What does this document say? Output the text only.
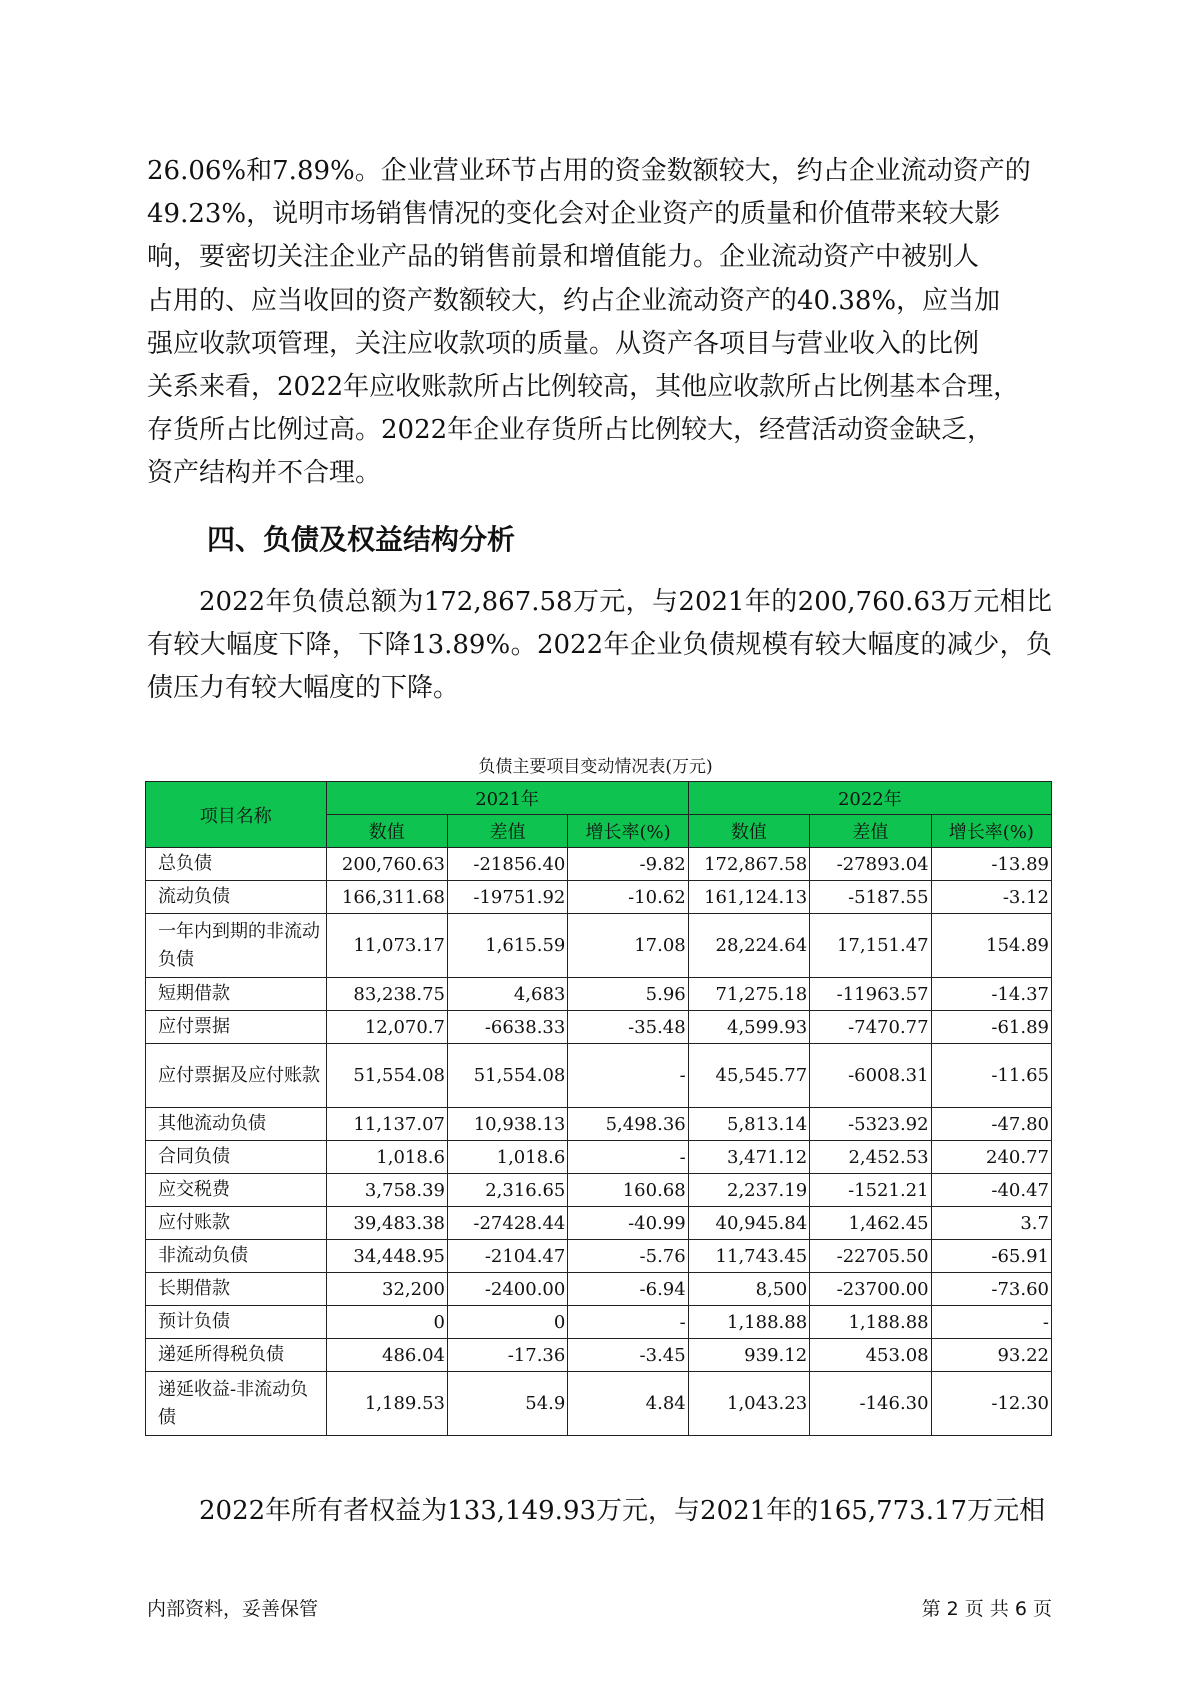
26.06%和7.89%。企业营业环节占用的资金数额较大，约占企业流动资产的

49.23%，说明市场销售情况的变化会对企业资产的质量和价值带来较大影

响，要密切关注企业产品的销售前景和增值能力。企业流动资产中被别人

占用的、应当收回的资产数额较大，约占企业流动资产的40.38%，应当加

强应收款项管理，关注应收款项的质量。从资产各项目与营业收入的比例

关系来看，2022年应收账款所占比例较高，其他应收款所占比例基本合理，

存货所占比例过高。2022年企业存货所占比例较大，经营活动资金缺乏，

资产结构并不合理。

四、负债及权益结构分析

2022年负债总额为172,867.58万元，与2021年的200,760.63万元相比有较大幅度下降，下降13.89%。2022年企业负债规模有较大幅度的减少，负债压力有较大幅度的下降。

负债主要项目变动情况表(万元)

项目名称	2021年			2022年		
	数值	差值	增长率(%)	数值	差值	增长率(%)
总负债	200,760.63	-21856.40	-9.82	172,867.58	-27893.04	-13.89
流动负债	166,311.68	-19751.92	-10.62	161,124.13	-5187.55	-3.12
一年内到期的非流动负债	11,073.17	1,615.59	17.08	28,224.64	17,151.47	154.89
短期借款	83,238.75	4,683	5.96	71,275.18	-11963.57	-14.37
应付票据	12,070.7	-6638.33	-35.48	4,599.93	-7470.77	-61.89
应付票据及应付账款	51,554.08	51,554.08	-	45,545.77	-6008.31	-11.65
其他流动负债	11,137.07	10,938.13	5,498.36	5,813.14	-5323.92	-47.80
合同负债	1,018.6	1,018.6	-	3,471.12	2,452.53	240.77
应交税费	3,758.39	2,316.65	160.68	2,237.19	-1521.21	-40.47
应付账款	39,483.38	-27428.44	-40.99	40,945.84	1,462.45	3.7
非流动负债	34,448.95	-2104.47	-5.76	11,743.45	-22705.50	-65.91
长期借款	32,200	-2400.00	-6.94	8,500	-23700.00	-73.60
预计负债	0	0	-	1,188.88	1,188.88	-
递延所得税负债	486.04	-17.36	-3.45	939.12	453.08	93.22
递延收益-非流动负债	1,189.53	54.9	4.84	1,043.23	-146.30	-12.30

2022年所有者权益为133,149.93万元，与2021年的165,773.17万元相

内部资料，妥善保管	第 2 页 共 6 页
